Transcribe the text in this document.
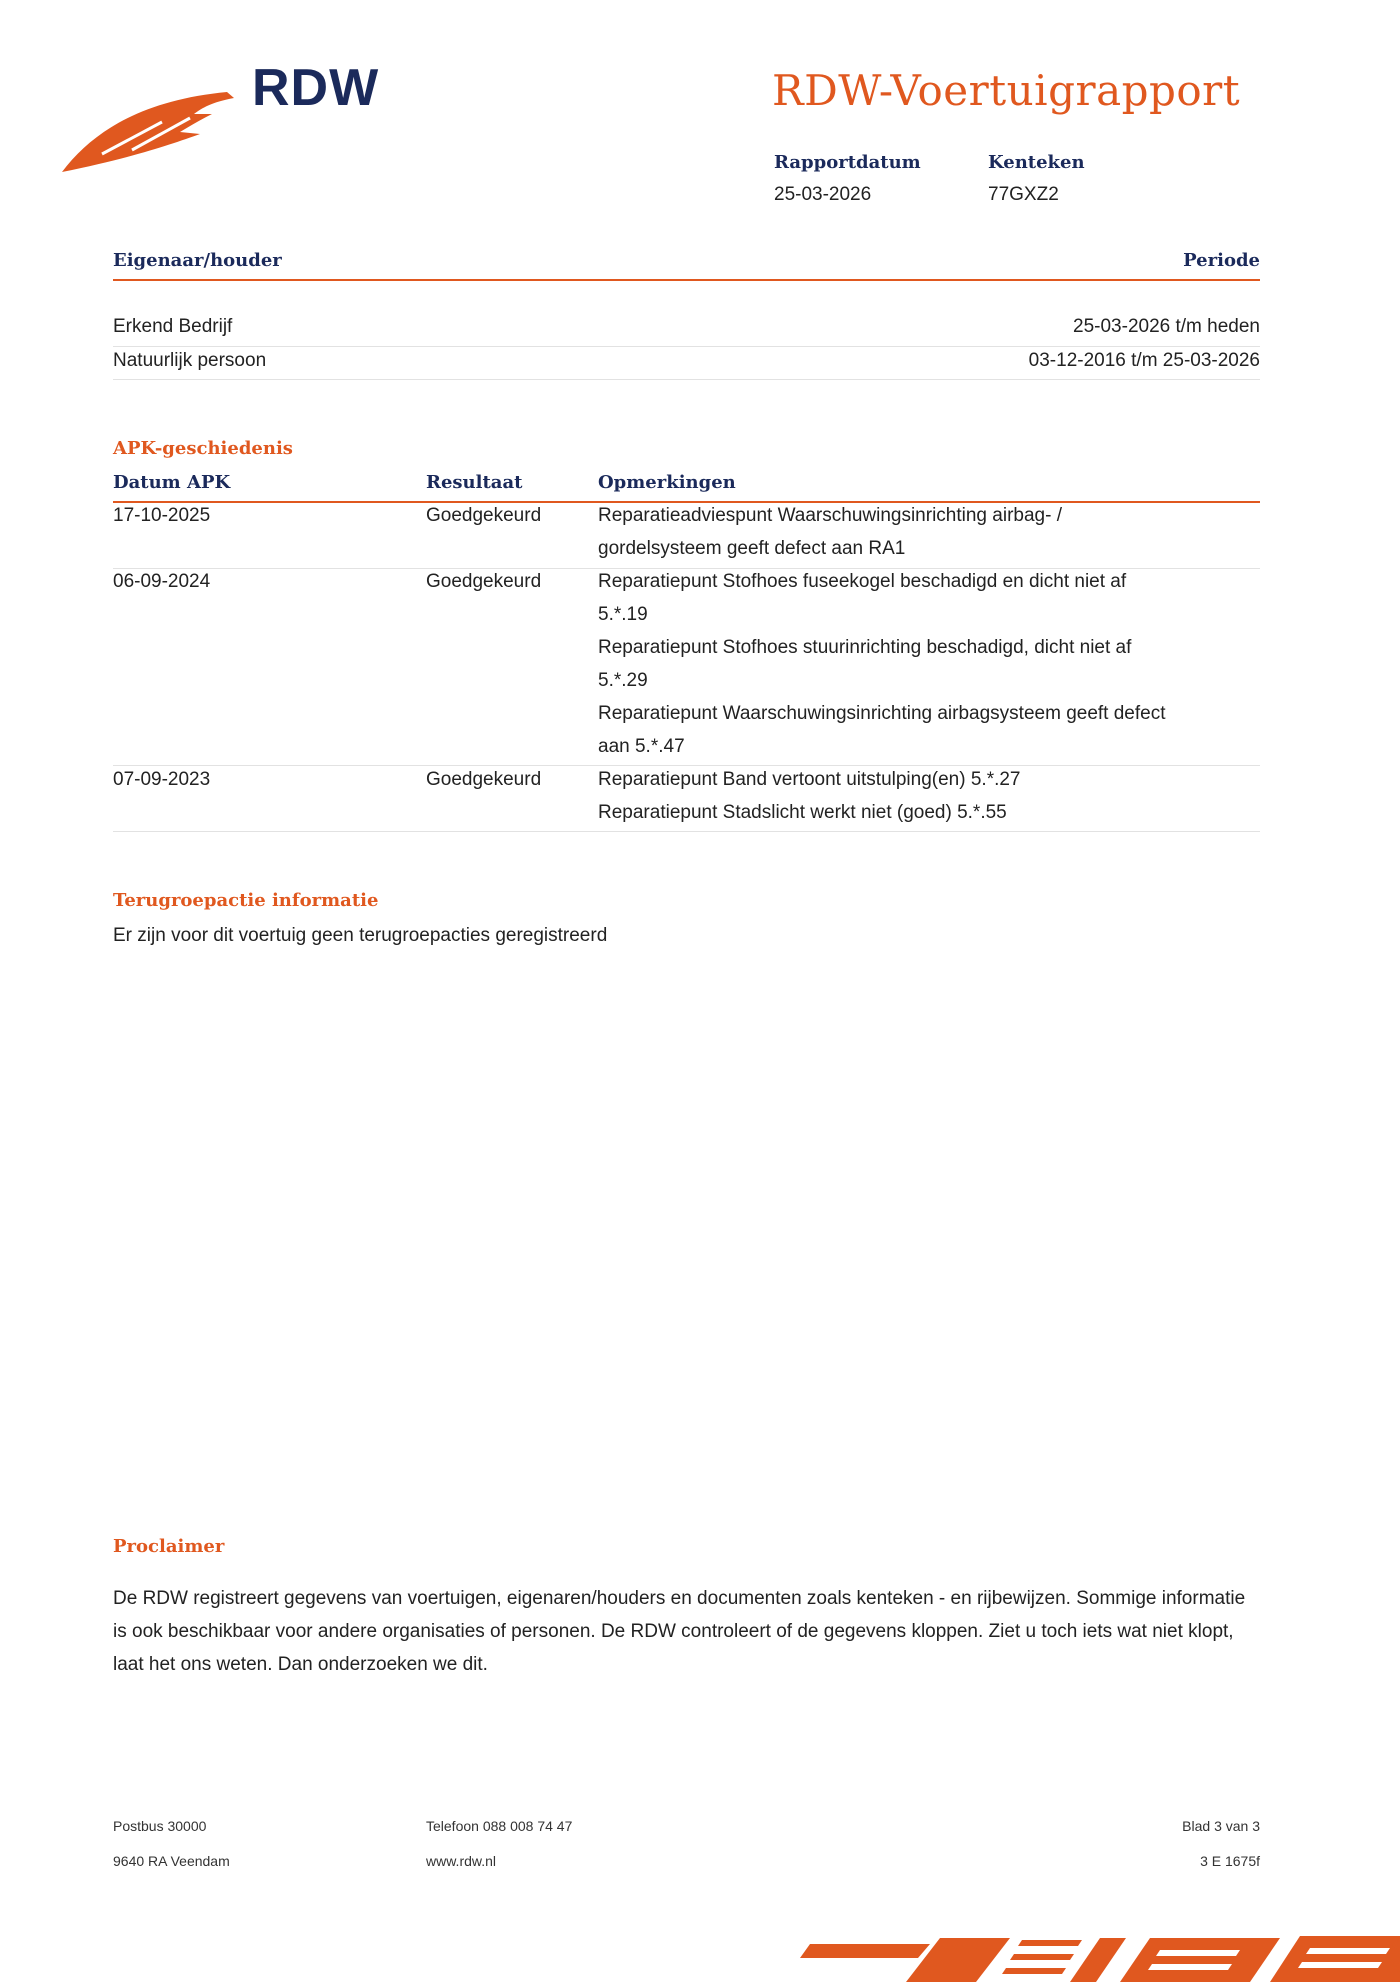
RDW	RDW-Voertuigrapport
Rapportdatum
25-03-2026
Kenteken
77GXZ2
Eigenaar/houder	Periode
Erkend Bedrijf	25-03-2026 t/m heden
Natuurlijk persoon	03-12-2016 t/m 25-03-2026
APK-geschiedenis
Datum APK	Resultaat	Opmerkingen
17-10-2025	Goedgekeurd	Reparatieadviespunt Waarschuwingsinrichting airbag- /
gordelsysteem geeft defect aan RA1
06-09-2024	Goedgekeurd	Reparatiepunt Stofhoes fuseekogel beschadigd en dicht niet af
5.*.19
Reparatiepunt Stofhoes stuurinrichting beschadigd, dicht niet af
5.*.29
Reparatiepunt Waarschuwingsinrichting airbagsysteem geeft defect
aan 5.*.47
07-09-2023	Goedgekeurd	Reparatiepunt Band vertoont uitstulping(en) 5.*.27
Reparatiepunt Stadslicht werkt niet (goed) 5.*.55
Terugroepactie informatie
Er zijn voor dit voertuig geen terugroepacties geregistreerd
Proclaimer
De RDW registreert gegevens van voertuigen, eigenaren/houders en documenten zoals kenteken - en rijbewijzen. Sommige informatie is ook beschikbaar voor andere organisaties of personen. De RDW controleert of de gegevens kloppen. Ziet u toch iets wat niet klopt, laat het ons weten. Dan onderzoeken we dit.
Postbus 30000
9640 RA Veendam
Telefoon 088 008 74 47
www.rdw.nl
Blad 3 van 3
3 E 1675f
